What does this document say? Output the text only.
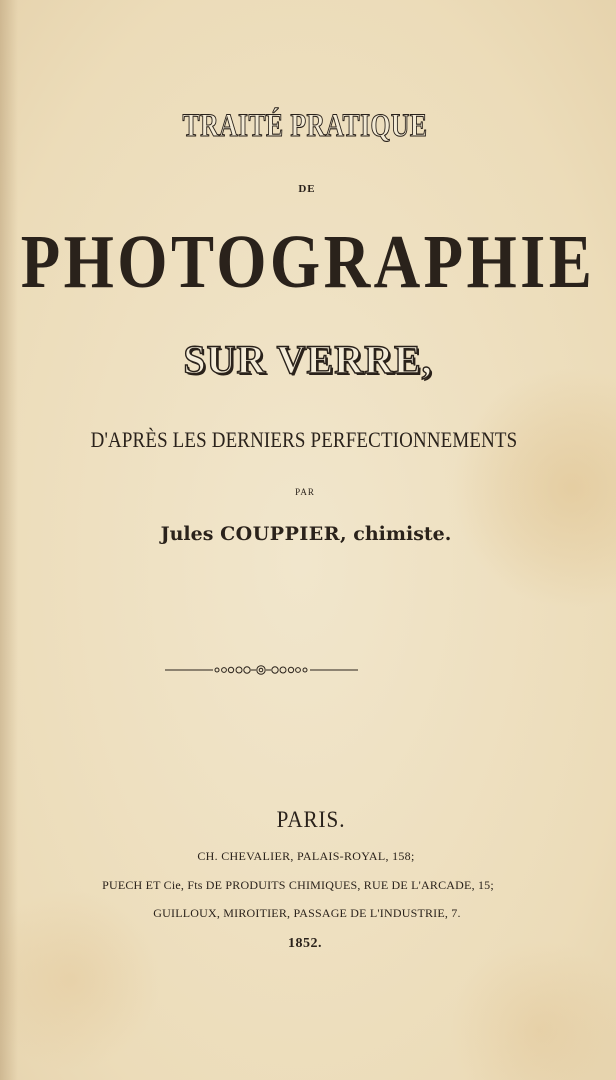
TRAITÉ PRATIQUE
DE
PHOTOGRAPHIE
SUR VERRE,
D'APRÈS LES DERNIERS PERFECTIONNEMENTS
PAR
Jules COUPPIER, chimiste.
PARIS.
CH. CHEVALIER, PALAIS-ROYAL, 158;
PUECH ET Cie, Fts DE PRODUITS CHIMIQUES, RUE DE L'ARCADE, 15;
GUILLOUX, MIROITIER, PASSAGE DE L'INDUSTRIE, 7.
1852.
